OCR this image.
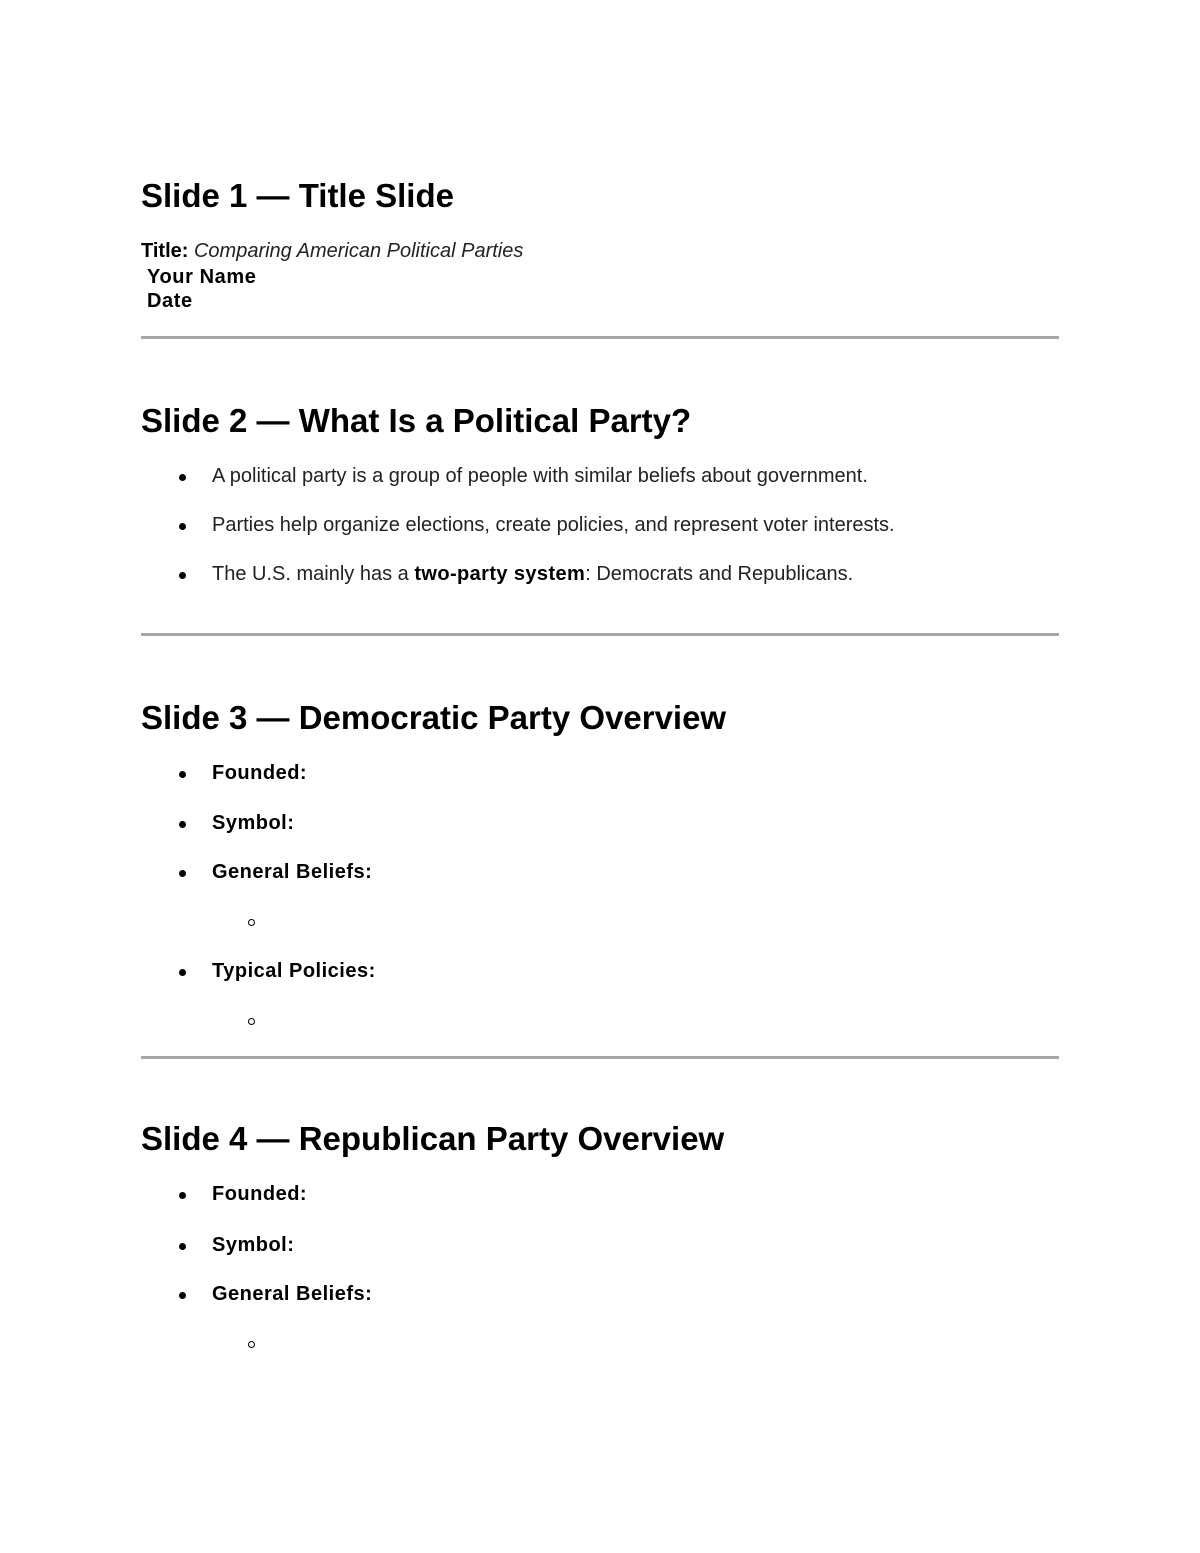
Slide 1 — Title Slide
Title: Comparing American Political Parties
Your Name
Date
Slide 2 — What Is a Political Party?
A political party is a group of people with similar beliefs about government.
Parties help organize elections, create policies, and represent voter interests.
The U.S. mainly has a two-party system: Democrats and Republicans.
Slide 3 — Democratic Party Overview
Founded:
Symbol:
General Beliefs:
Typical Policies:
Slide 4 — Republican Party Overview
Founded:
Symbol:
General Beliefs:
